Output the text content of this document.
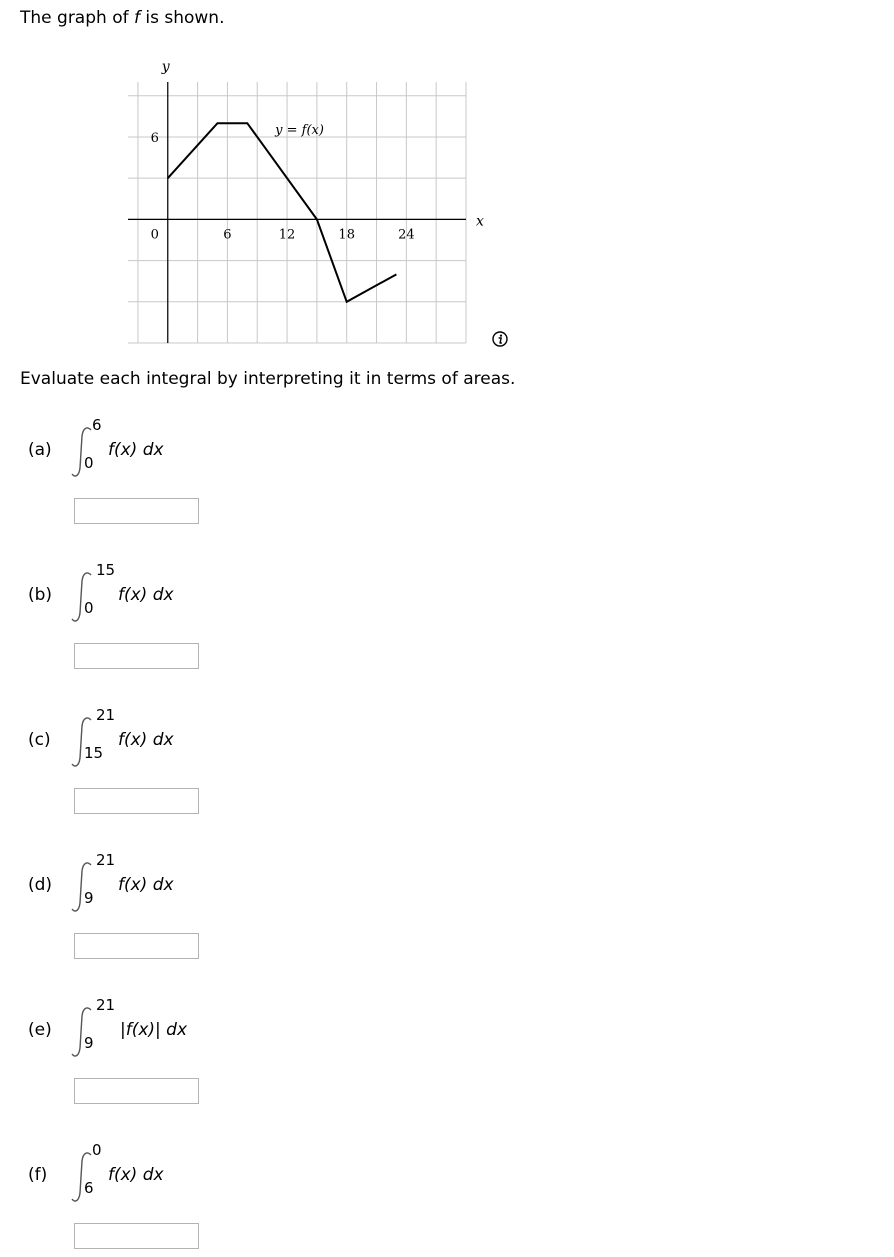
The graph of f is shown.
6	12	18	24
6
0
x
y
y = f(x)
Evaluate each integral by interpreting it in terms of areas.
(a)
6
0
f(x) dx
(b)
15
0
f(x) dx
(c)
21
15
f(x) dx
(d)
21
9
f(x) dx
(e)
21
9
|f(x)| dx
(f)
0
6
f(x) dx
